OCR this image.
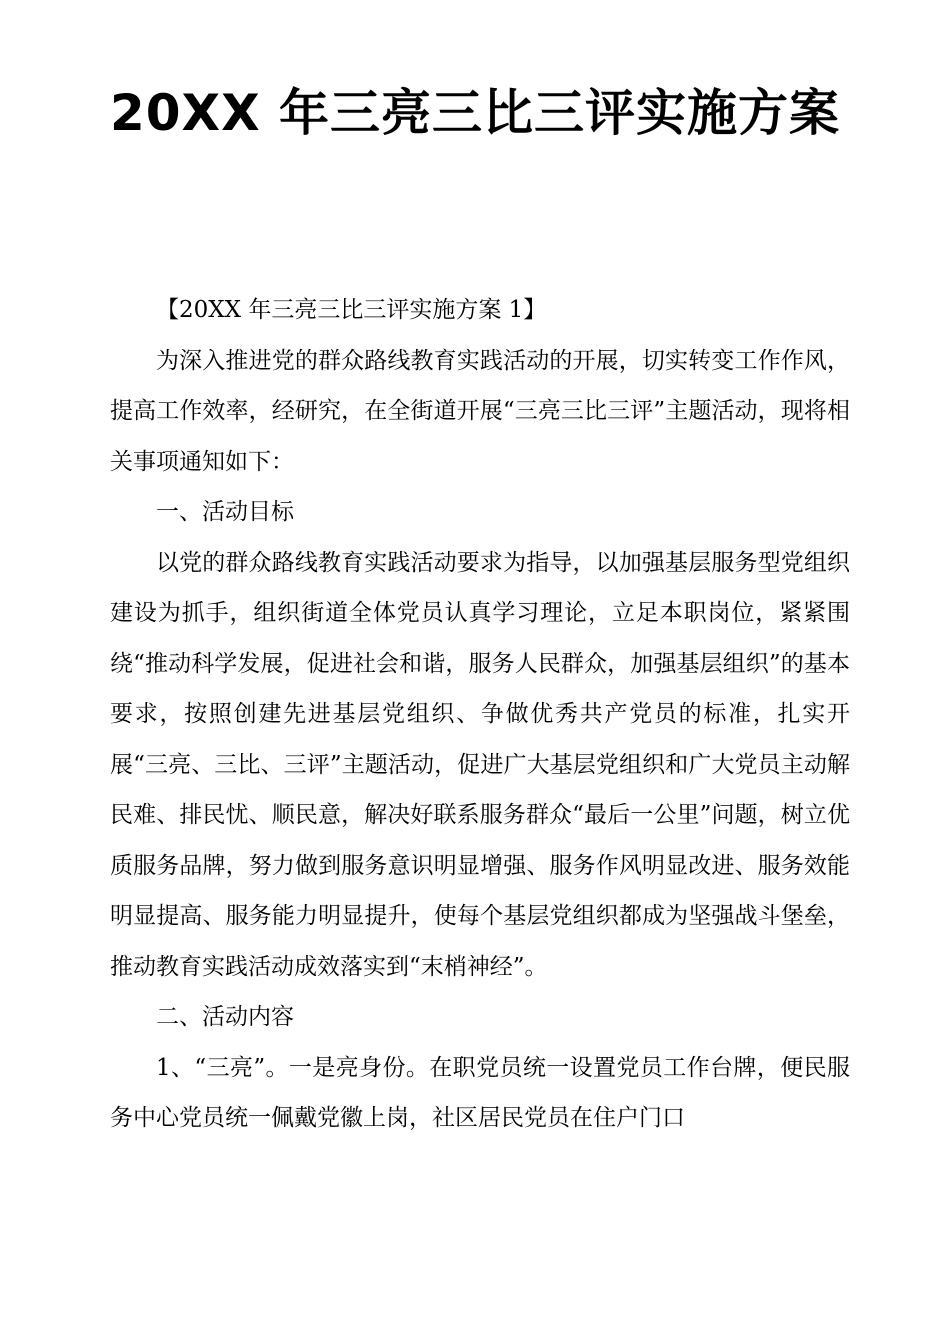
20XX 年三亮三比三评实施方案

【20XX 年三亮三比三评实施方案 1】

为深入推进党的群众路线教育实践活动的开展，切实转变工作作风，提高工作效率，经研究，在全街道开展“三亮三比三评”主题活动，现将相关事项通知如下：

一、活动目标

以党的群众路线教育实践活动要求为指导，以加强基层服务型党组织建设为抓手，组织街道全体党员认真学习理论，立足本职岗位，紧紧围绕“推动科学发展，促进社会和谐，服务人民群众，加强基层组织”的基本要求，按照创建先进基层党组织、争做优秀共产党员的标准，扎实开展“三亮、三比、三评”主题活动，促进广大基层党组织和广大党员主动解民难、排民忧、顺民意，解决好联系服务群众“最后一公里”问题，树立优质服务品牌，努力做到服务意识明显增强、服务作风明显改进、服务效能明显提高、服务能力明显提升，使每个基层党组织都成为坚强战斗堡垒，推动教育实践活动成效落实到“末梢神经”。

二、活动内容

1、“三亮”。一是亮身份。在职党员统一设置党员工作台牌，便民服务中心党员统一佩戴党徽上岗，社区居民党员在住户门口
